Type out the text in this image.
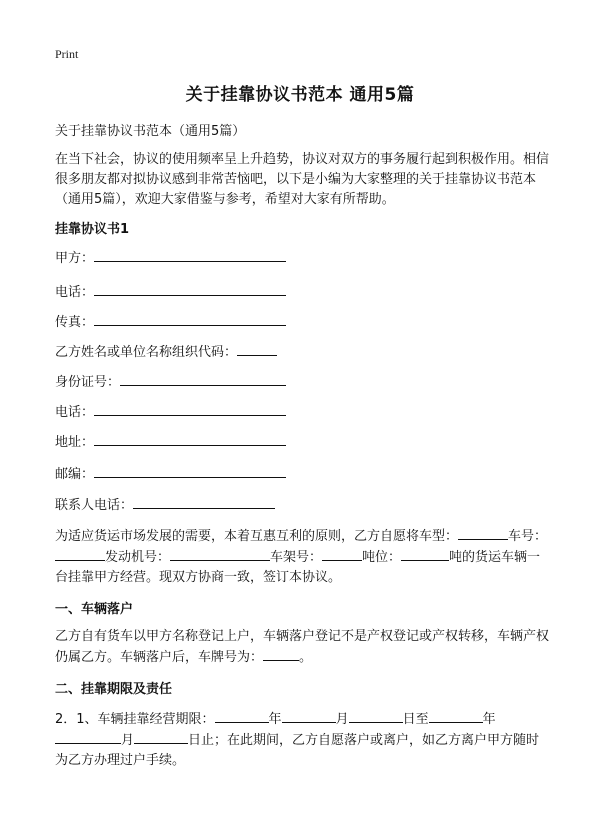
Print
关于挂靠协议书范本 通用5篇
关于挂靠协议书范本（通用5篇）
在当下社会，协议的使用频率呈上升趋势，协议对双方的事务履行起到积极作用。相信很多朋友都对拟协议感到非常苦恼吧，以下是小编为大家整理的关于挂靠协议书范本（通用5篇），欢迎大家借鉴与参考，希望对大家有所帮助。
挂靠协议书1
甲方：
电话：
传真：
乙方姓名或单位名称组织代码：
身份证号：
电话：
地址：
邮编：
联系人电话：
为适应货运市场发展的需要，本着互惠互利的原则，乙方自愿将车型：	车号：发动机号：	车架号：	吨位：	吨的货运车辆一台挂靠甲方经营。现双方协商一致，签订本协议。
一、车辆落户
乙方自有货车以甲方名称登记上户，车辆落户登记不是产权登记或产权转移，车辆产权仍属乙方。车辆落户后，车牌号为：	。
二、挂靠期限及责任
2．1、车辆挂靠经营期限：	年	月	日至	年月	日止；在此期间，乙方自愿落户或离户，如乙方离户甲方随时为乙方办理过户手续。
